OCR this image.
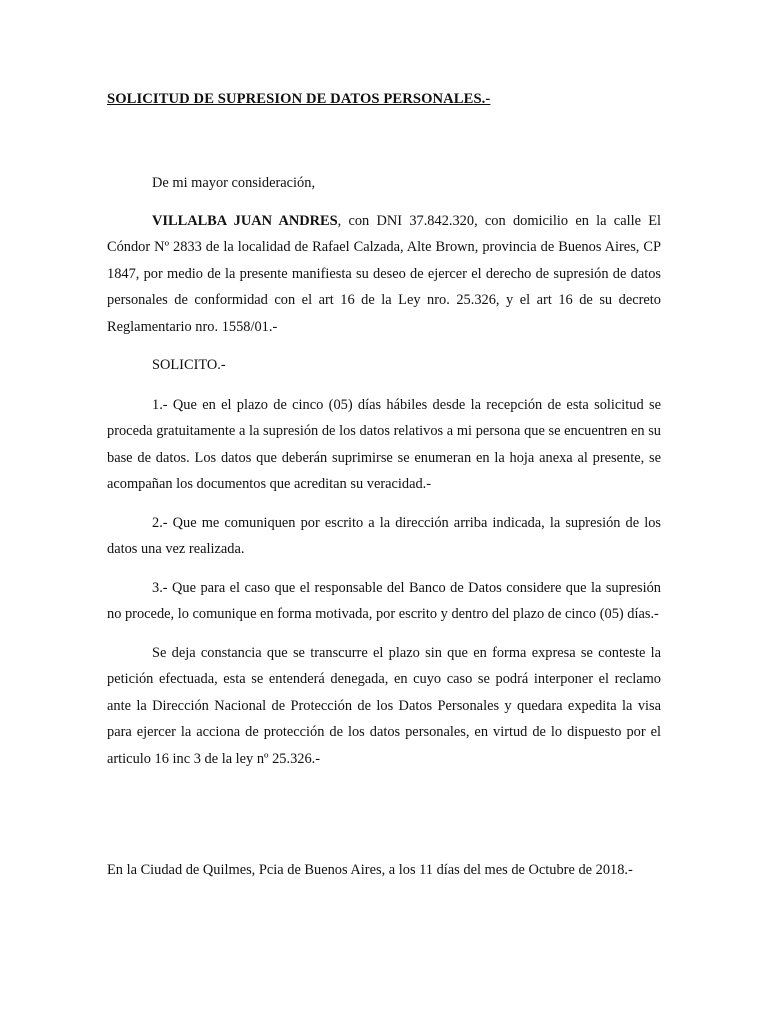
SOLICITUD DE SUPRESION DE DATOS PERSONALES.-

De mi mayor consideración,

VILLALBA JUAN ANDRES, con DNI 37.842.320, con domicilio en la calle El Cóndor Nº 2833 de la localidad de Rafael Calzada, Alte Brown, provincia de Buenos Aires, CP 1847, por medio de la presente manifiesta su deseo de ejercer el derecho de supresión de datos personales de conformidad con el art 16 de la Ley nro. 25.326, y el art 16 de su decreto Reglamentario nro. 1558/01.-

SOLICITO.-

1.- Que en el plazo de cinco (05) días hábiles desde la recepción de esta solicitud se proceda gratuitamente a la supresión de los datos relativos a mi persona que se encuentren en su base de datos. Los datos que deberán suprimirse se enumeran en la hoja anexa al presente, se acompañan los documentos que acreditan su veracidad.-

2.- Que me comuniquen por escrito a la dirección arriba indicada, la supresión de los datos una vez realizada.

3.- Que para el caso que el responsable del Banco de Datos considere que la supresión no procede, lo comunique en forma motivada, por escrito y dentro del plazo de cinco (05) días.-

Se deja constancia que se transcurre el plazo sin que en forma expresa se conteste la petición efectuada, esta se entenderá denegada, en cuyo caso se podrá interponer el reclamo ante la Dirección Nacional de Protección de los Datos Personales y quedara expedita la visa para ejercer la acciona de protección de los datos personales, en virtud de lo dispuesto por el articulo 16 inc 3 de la ley nº 25.326.-

En la Ciudad de Quilmes, Pcia de Buenos Aires, a los 11 días del mes de Octubre de 2018.-
